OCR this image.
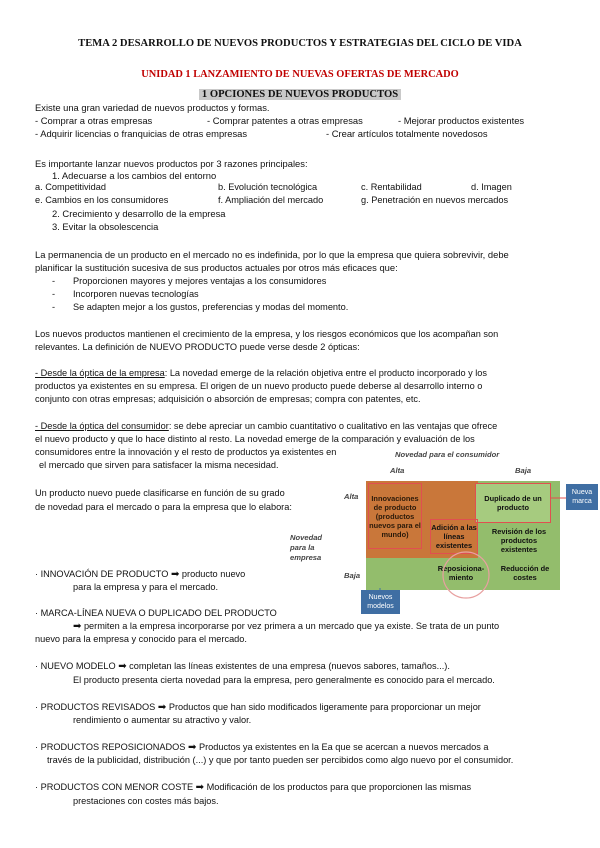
TEMA 2 DESARROLLO DE NUEVOS PRODUCTOS Y ESTRATEGIAS DEL CICLO DE VIDA
UNIDAD 1 LANZAMIENTO DE NUEVAS OFERTAS DE MERCADO
1 OPCIONES DE NUEVOS PRODUCTOS
Existe una gran variedad de nuevos productos y formas.
- Comprar a otras empresas	- Comprar patentes a otras empresas	- Mejorar productos existentes
- Adquirir licencias o franquicias de otras empresas	- Crear artículos totalmente novedosos
Es importante lanzar nuevos productos por 3 razones principales:
1. Adecuarse a los cambios del entorno
a. Competitividad	b. Evolución tecnológica	c. Rentabilidad	d. Imagen
e. Cambios en los consumidores	f. Ampliación del mercado	g. Penetración en nuevos mercados
2. Crecimiento y desarrollo de la empresa
3. Evitar la obsolescencia
La permanencia de un producto en el mercado no es indefinida, por lo que la empresa que quiera sobrevivir, debe
planificar la sustitución sucesiva de sus productos actuales por otros más eficaces que:
- Proporcionen mayores y mejores ventajas a los consumidores
- Incorporen nuevas tecnologías
- Se adapten mejor a los gustos, preferencias y modas del momento.
Los nuevos productos mantienen el crecimiento de la empresa, y los riesgos económicos que los acompañan son
relevantes. La definición de NUEVO PRODUCTO puede verse desde 2 ópticas:
- Desde la óptica de la empresa: La novedad emerge de la relación objetiva entre el producto incorporado y los
productos ya existentes en su empresa. El origen de un nuevo producto puede deberse al desarrollo interno o
conjunto con otras empresas; adquisición o absorción de empresas; compra con patentes, etc.
- Desde la óptica del consumidor: se debe apreciar un cambio cuantitativo o cualitativo en las ventajas que ofrece
el nuevo producto y que lo hace distinto al resto. La novedad emerge de la comparación y evaluación de los
consumidores entre la innovación y el resto de productos ya existentes en
el mercado que sirven para satisfacer la misma necesidad.
Un producto nuevo puede clasificarse en función de su grado
de novedad para el mercado o para la empresa que lo elabora:
Novedad para el consumidor
Alta	Baja
Alta
Baja
Novedad
para la
empresa
Innovaciones de producto (productos nuevos para el mundo)
Duplicado de un producto
Adición a las líneas existentes
Revisión de los productos existentes
Reposiciona-miento
Reducción de costes
Nueva marca
Nuevos modelos
· INNOVACIÓN DE PRODUCTO ➡ producto nuevo
para la empresa y para el mercado.
· MARCA-LÍNEA NUEVA O DUPLICADO DEL PRODUCTO
➡ permiten a la empresa incorporarse por vez primera a un mercado que ya existe. Se trata de un punto
nuevo para la empresa y conocido para el mercado.
· NUEVO MODELO ➡ completan las líneas existentes de una empresa (nuevos sabores, tamaños...).
El producto presenta cierta novedad para la empresa, pero generalmente es conocido para el mercado.
· PRODUCTOS REVISADOS ➡ Productos que han sido modificados ligeramente para proporcionar un mejor
rendimiento o aumentar su atractivo y valor.
· PRODUCTOS REPOSICIONADOS ➡ Productos ya existentes en la Ea que se acercan a nuevos mercados a
través de la publicidad, distribución (...) y que por tanto pueden ser percibidos como algo nuevo por el consumidor.
· PRODUCTOS CON MENOR COSTE ➡ Modificación de los productos para que proporcionen las mismas
prestaciones con costes más bajos.
